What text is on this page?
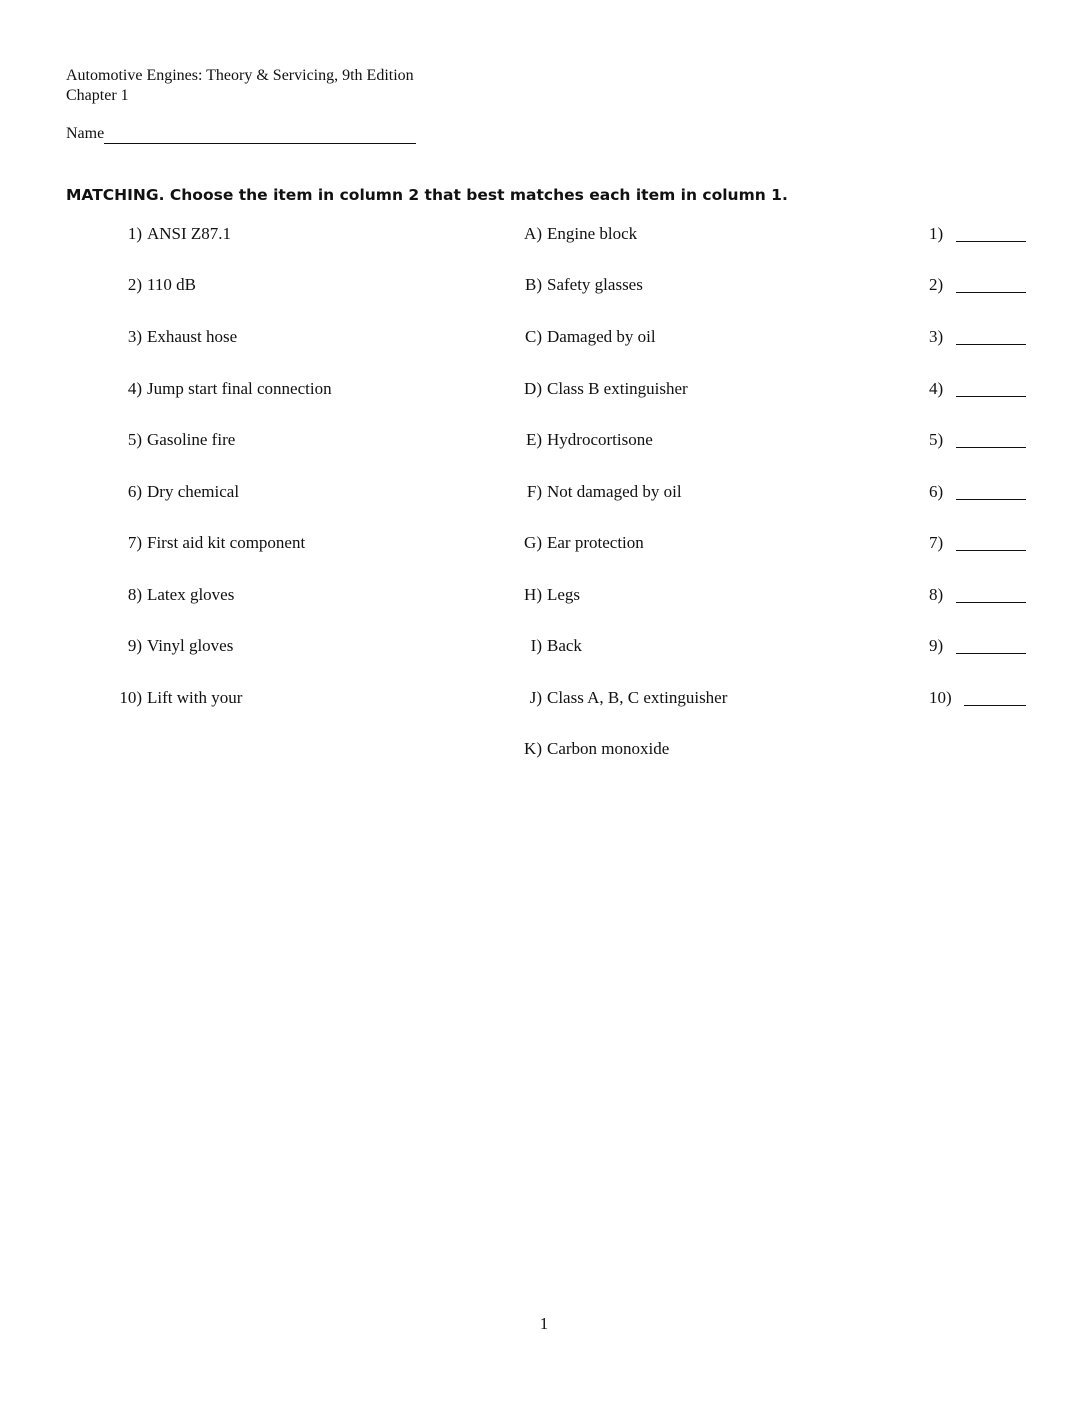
Automotive Engines: Theory & Servicing, 9th Edition
Chapter 1
Name
MATCHING. Choose the item in column 2 that best matches each item in column 1.
1) ANSI Z87.1	A) Engine block	1)
2) 110 dB	B) Safety glasses	2)
3) Exhaust hose	C) Damaged by oil	3)
4) Jump start final connection	D) Class B extinguisher	4)
5) Gasoline fire	E) Hydrocortisone	5)
6) Dry chemical	F) Not damaged by oil	6)
7) First aid kit component	G) Ear protection	7)
8) Latex gloves	H) Legs	8)
9) Vinyl gloves	I) Back	9)
10) Lift with your	J) Class A, B, C extinguisher	10)
K) Carbon monoxide
1
